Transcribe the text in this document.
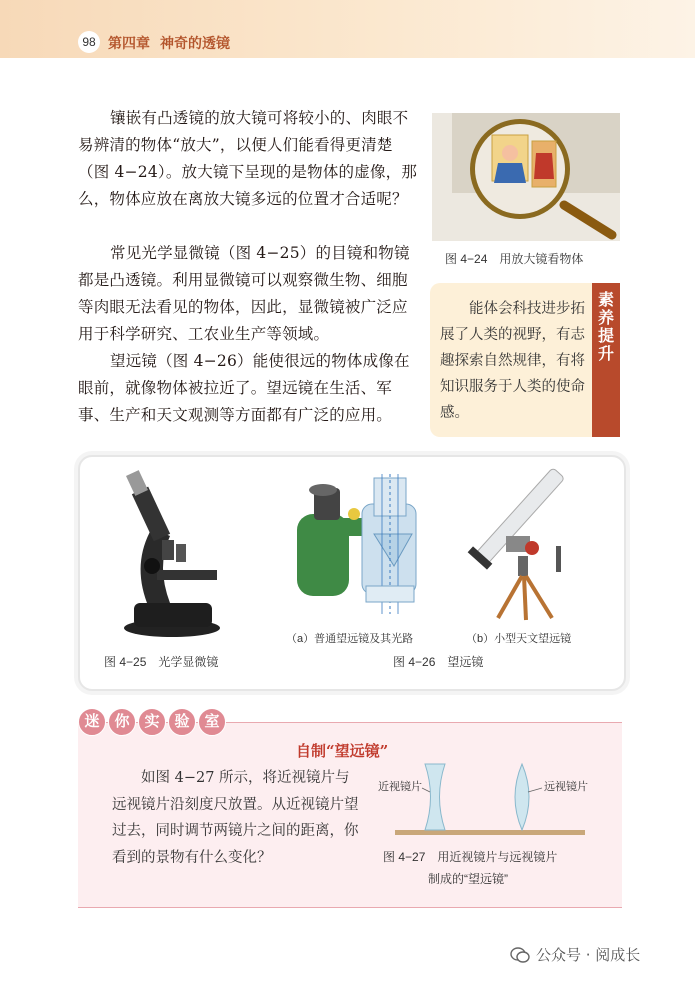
98 第四章 神奇的透镜

镶嵌有凸透镜的放大镜可将较小的、肉眼不易辨清的物体“放大”，以便人们能看得更清楚（图 4−24）。放大镜下呈现的是物体的虚像，那么，物体应放在离放大镜多远的位置才合适呢？

常见光学显微镜（图 4−25）的目镜和物镜都是凸透镜。利用显微镜可以观察微生物、细胞等肉眼无法看见的物体，因此，显微镜被广泛应用于科学研究、工农业生产等领域。

望远镜（图 4−26）能使很远的物体成像在眼前，就像物体被拉近了。望远镜在生活、军事、生产和天文观测等方面都有广泛的应用。

图 4−24　用放大镜看物体

能体会科技进步拓展了人类的视野，有志趣探索自然规律，有将知识服务于人类的使命感。

素养提升
（a）普通望远镜及其光路	（b）小型天文望远镜
图 4−25　光学显微镜	图 4−26　望远镜
迷 你 实 验 室
自制“望远镜”

如图 4−27 所示，将近视镜片与远视镜片沿刻度尺放置。从近视镜片望过去，同时调节两镜片之间的距离，你看到的景物有什么变化？

近视镜片	远视镜片
图 4−27　用近视镜片与远视镜片
制成的“望远镜”
公众号 · 阅成长
